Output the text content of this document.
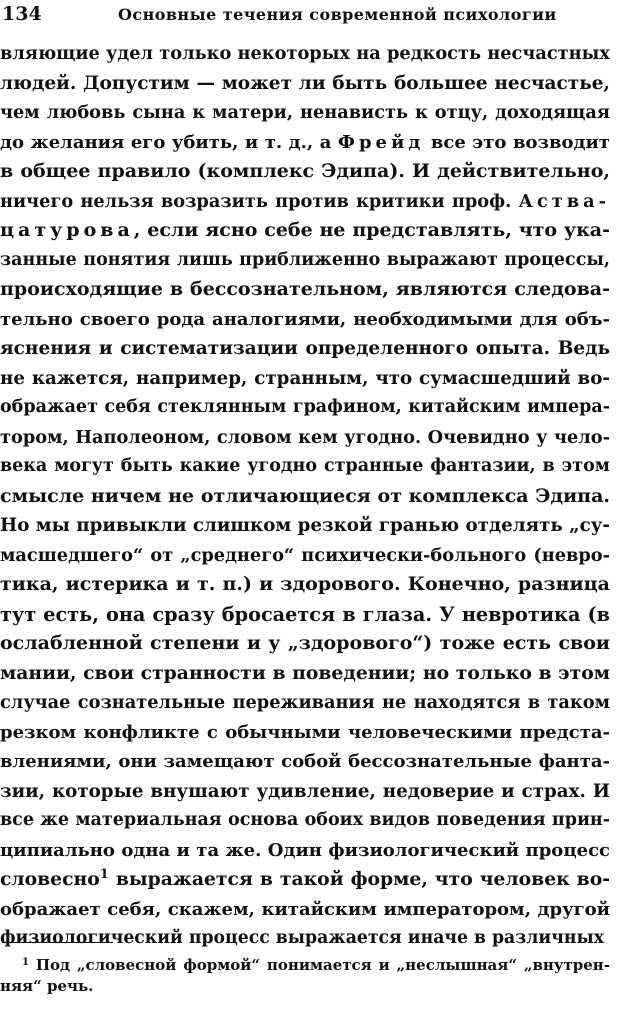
134	Основные течения современной психологии
вляющие удел только некоторых на редкость несчастных
людей. Допустим — может ли быть большее несчастье,
чем любовь сына к матери, ненависть к отцу, доходящая
до желания его убить, и т. д., а Фрейд все это возводит
в общее правило (комплекс Эдипа). И действительно,
ничего нельзя возразить против критики проф. Аства-
цатурова, если ясно себе не представлять, что ука-
занные понятия лишь приближенно выражают процессы,
происходящие в бессознательном, являются следова-
тельно своего рода аналогиями, необходимыми для объ-
яснения и систематизации определенного опыта. Ведь
не кажется, например, странным, что сумасшедший во-
ображает себя стеклянным графином, китайским импера-
тором, Наполеоном, словом кем угодно. Очевидно у чело-
века могут быть какие угодно странные фантазии, в этом
смысле ничем не отличающиеся от комплекса Эдипа.
Но мы привыкли слишком резкой гранью отделять „су-
масшедшего“ от „среднего“ психически-больного (невро-
тика, истерика и т. п.) и здорового. Конечно, разница
тут есть, она сразу бросается в глаза. У невротика (в
ослабленной степени и у „здорового“) тоже есть свои
мании, свои странности в поведении; но только в этом
случае сознательные переживания не находятся в таком
резком конфликте с обычными человеческими предста-
влениями, они замещают собой бессознательные фанта-
зии, которые внушают удивление, недоверие и страх. И
все же материальная основа обоих видов поведения прин-
ципиально одна и та же. Один физиологический процесс
словесно$^1$ выражается в такой форме, что человек во-
ображает себя, скажем, китайским императором, другой
физиологический процесс выражается иначе в различных
$^1$ Под „словесной формой“ понимается и „неслышная“ „внутрен-
няя“ речь.
